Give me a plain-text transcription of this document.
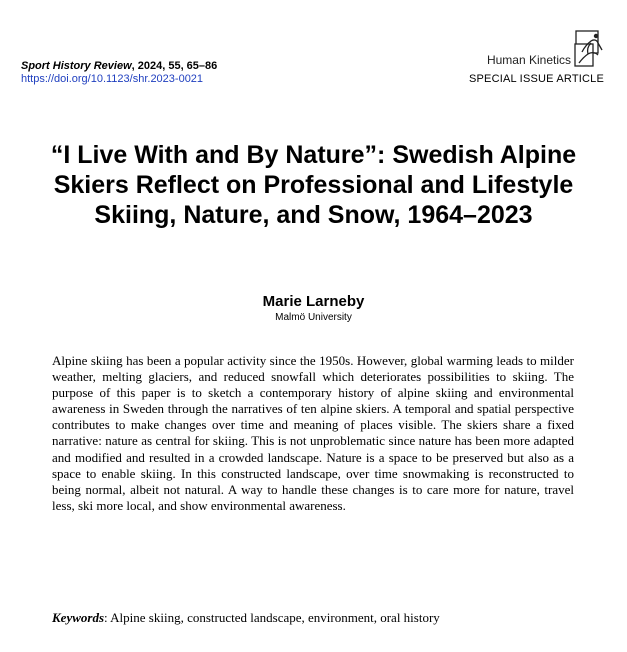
Sport History Review, 2024, 55, 65–86
https://doi.org/10.1123/shr.2023-0021
Human Kinetics
SPECIAL ISSUE ARTICLE
“I Live With and By Nature”: Swedish Alpine Skiers Reflect on Professional and Lifestyle Skiing, Nature, and Snow, 1964–2023
Marie Larneby
Malmö University

Alpine skiing has been a popular activity since the 1950s. However, global warming leads to milder weather, melting glaciers, and reduced snowfall which deteriorates possibilities to skiing. The purpose of this paper is to sketch a contemporary history of alpine skiing and environmental awareness in Sweden through the narratives of ten alpine skiers. A temporal and spatial perspective contributes to make changes over time and meaning of places visible. The skiers share a fixed narrative: nature as central for skiing. This is not unproblematic since nature has been more adapted and modified and resulted in a crowded landscape. Nature is a space to be preserved but also as a space to enable skiing. In this constructed landscape, over time snowmaking is reconstructed to being normal, albeit not natural. A way to handle these changes is to care more for nature, travel less, ski more local, and show environmental awareness.

Keywords: Alpine skiing, constructed landscape, environment, oral history
